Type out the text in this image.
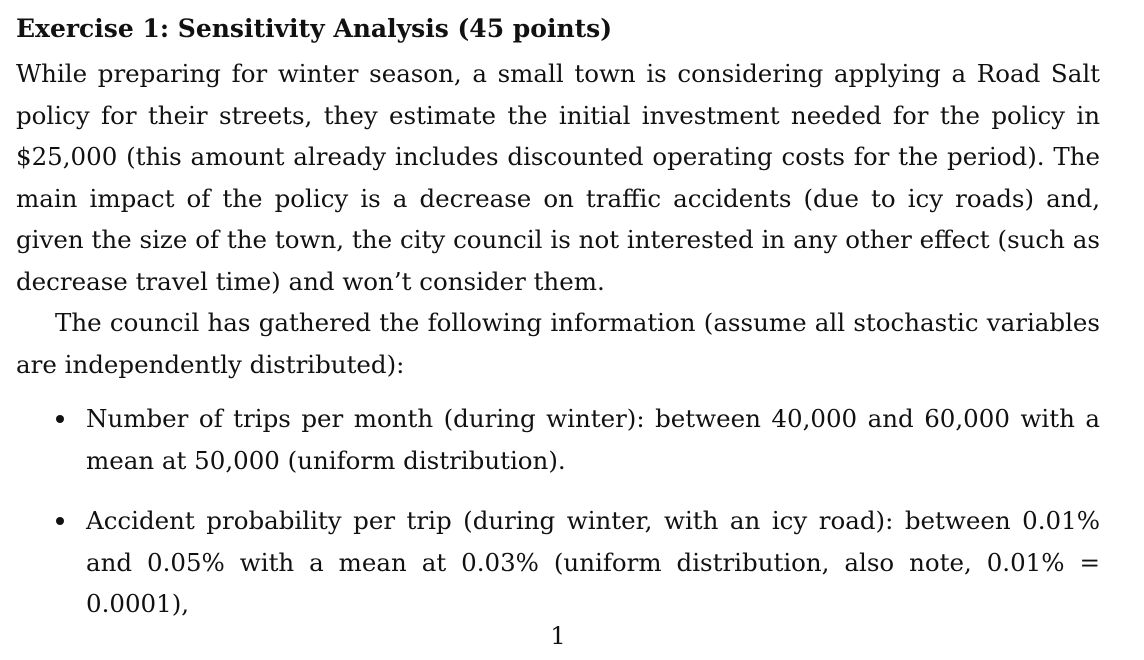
Exercise 1: Sensitivity Analysis (45 points)

While preparing for winter season, a small town is considering applying a Road Salt policy for their streets, they estimate the initial investment needed for the policy in $25,000 (this amount already includes discounted operating costs for the period). The main impact of the policy is a decrease on traffic accidents (due to icy roads) and, given the size of the town, the city council is not interested in any other effect (such as decrease travel time) and won’t consider them.

The council has gathered the following information (assume all stochastic variables are independently distributed):

Number of trips per month (during winter): between 40,000 and 60,000 with a mean at 50,000 (uniform distribution).
Accident probability per trip (during winter, with an icy road): between 0.01% and 0.05% with a mean at 0.03% (uniform distribution, also note, 0.01% = 0.0001),

1
